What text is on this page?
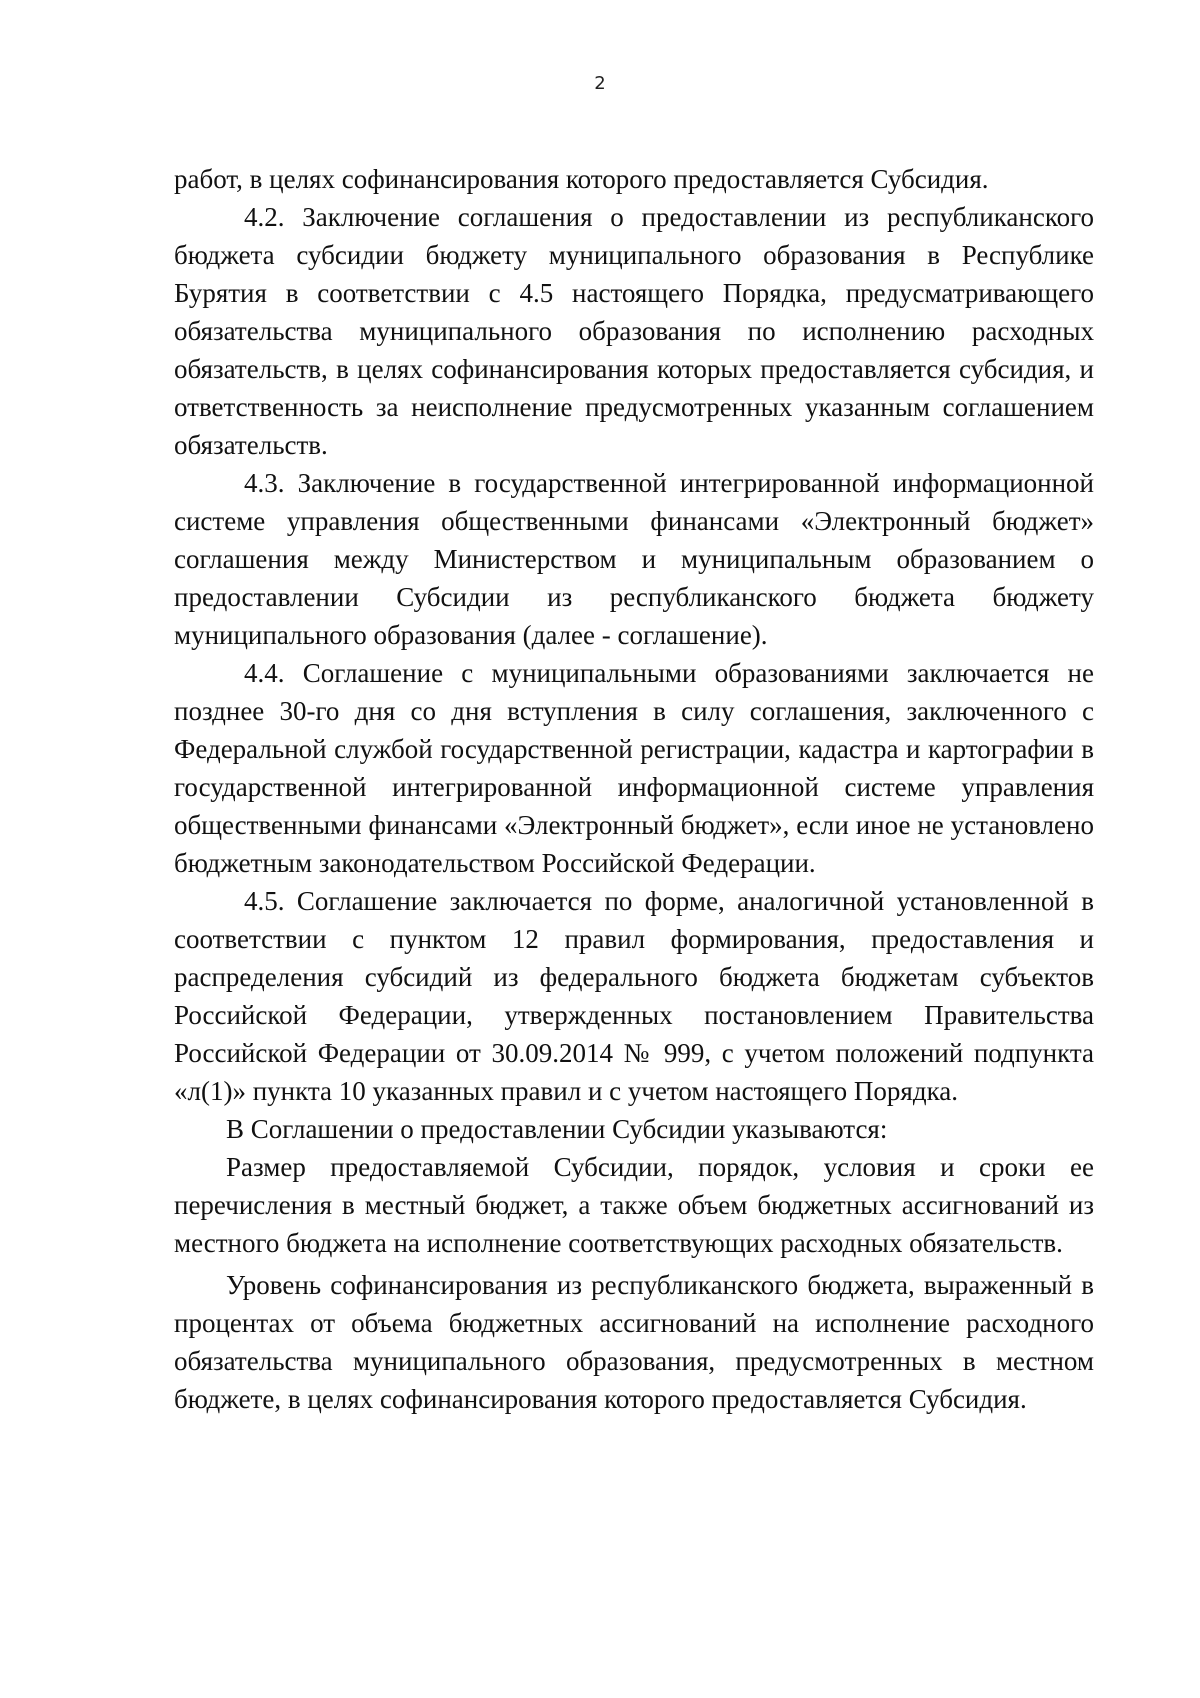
2

работ, в целях софинансирования которого предоставляется Субсидия.

4.2. Заключение соглашения о предоставлении из республиканского бюджета субсидии бюджету муниципального образования в Республике Бурятия в соответствии с 4.5 настоящего Порядка, предусматривающего обязательства муниципального образования по исполнению расходных обязательств, в целях софинансирования которых предоставляется субсидия, и ответственность за неисполнение предусмотренных указанным соглашением обязательств.

4.3. Заключение в государственной интегрированной информационной системе управления общественными финансами «Электронный бюджет» соглашения между Министерством и муниципальным образованием о предоставлении Субсидии из республиканского бюджета бюджету муниципального образования (далее - соглашение).

4.4. Соглашение с муниципальными образованиями заключается не позднее 30-го дня со дня вступления в силу соглашения, заключенного с Федеральной службой государственной регистрации, кадастра и картографии в государственной интегрированной информационной системе управления общественными финансами «Электронный бюджет», если иное не установлено бюджетным законодательством Российской Федерации.

4.5. Соглашение заключается по форме, аналогичной установленной в соответствии с пунктом 12 правил формирования, предоставления и распределения субсидий из федерального бюджета бюджетам субъектов Российской Федерации, утвержденных постановлением Правительства Российской Федерации от 30.09.2014 № 999, с учетом положений подпункта «л(1)» пункта 10 указанных правил и с учетом настоящего Порядка.

В Соглашении о предоставлении Субсидии указываются:

Размер предоставляемой Субсидии, порядок, условия и сроки ее перечисления в местный бюджет, а также объем бюджетных ассигнований из местного бюджета на исполнение соответствующих расходных обязательств.

Уровень софинансирования из республиканского бюджета, выраженный в процентах от объема бюджетных ассигнований на исполнение расходного обязательства муниципального образования, предусмотренных в местном бюджете, в целях софинансирования которого предоставляется Субсидия.
